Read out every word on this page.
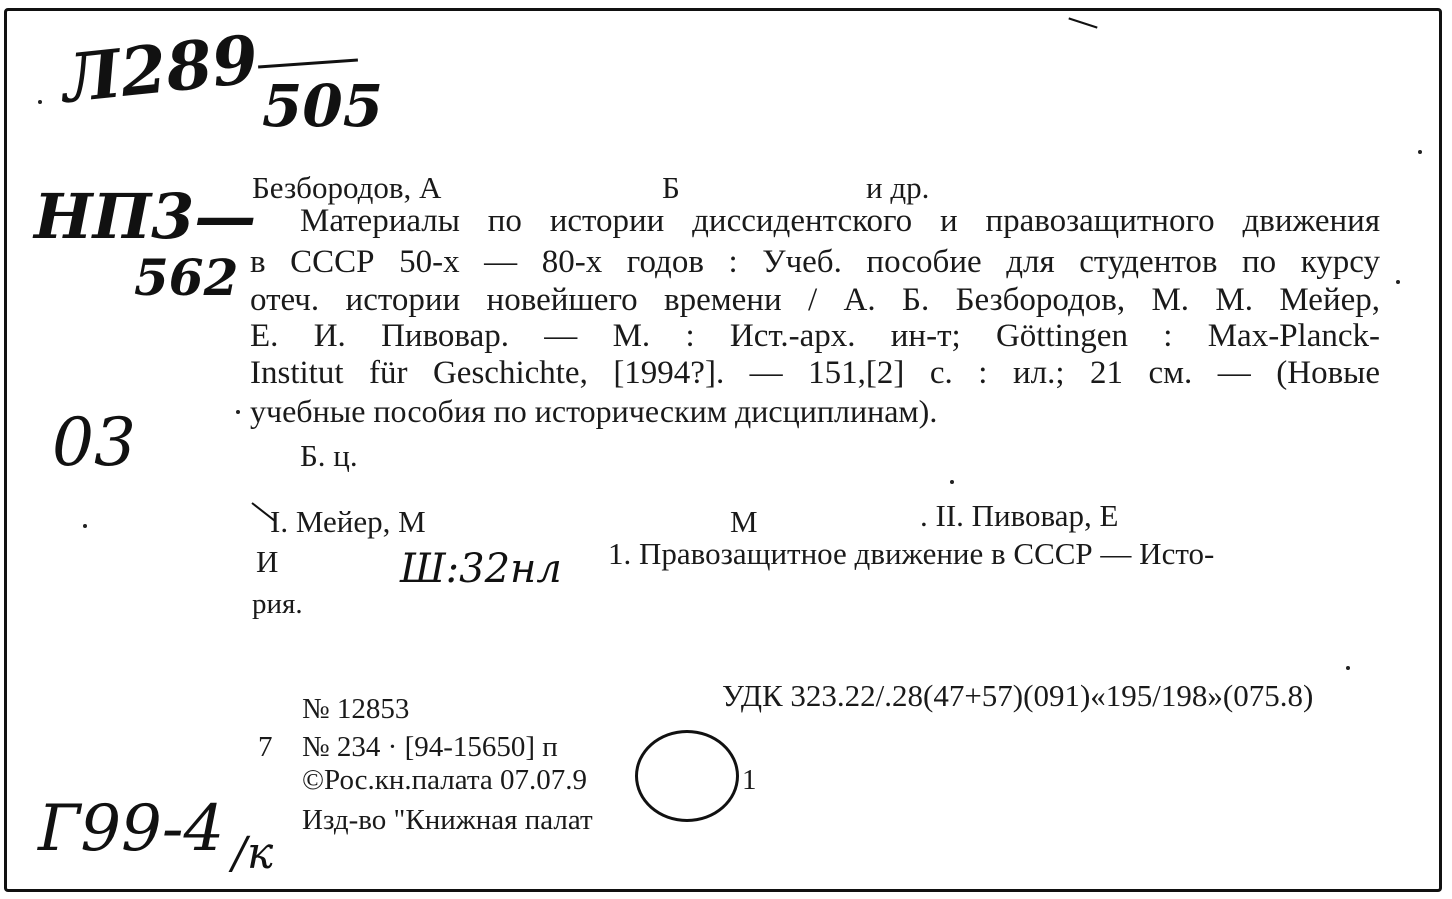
Л289 505
НП3—
562
03
Г99-4 /к
Безбородов, А	Б	и др.
Материалы по истории диссидентского и правозащитного движения
в СССР 50-х — 80-х годов : Учеб. пособие для студентов по курсу
отеч. истории новейшего времени / А. Б. Безбородов, М. М. Мейер,
Е. И. Пивовар. — М. : Ист.-арх. ин-т; Göttingen : Max-Planck-
Institut für Geschichte, [1994?]. — 151,[2] с. : ил.; 21 см. — (Новые
учебные пособия по историческим дисциплинам).
Б. ц.
I. Мейер, М	М	. II. Пивовар, Е
И	Ш:32нл 1. Правозащитное движение в СССР — Исто-
рия.
№ 12853	УДК 323.22/.28(47+57)(091)«195/198»(075.8)
7 № 234 · [94-15650] п
©Рос.кн.палата 07.07.9	1
Изд-во "Книжная палат
